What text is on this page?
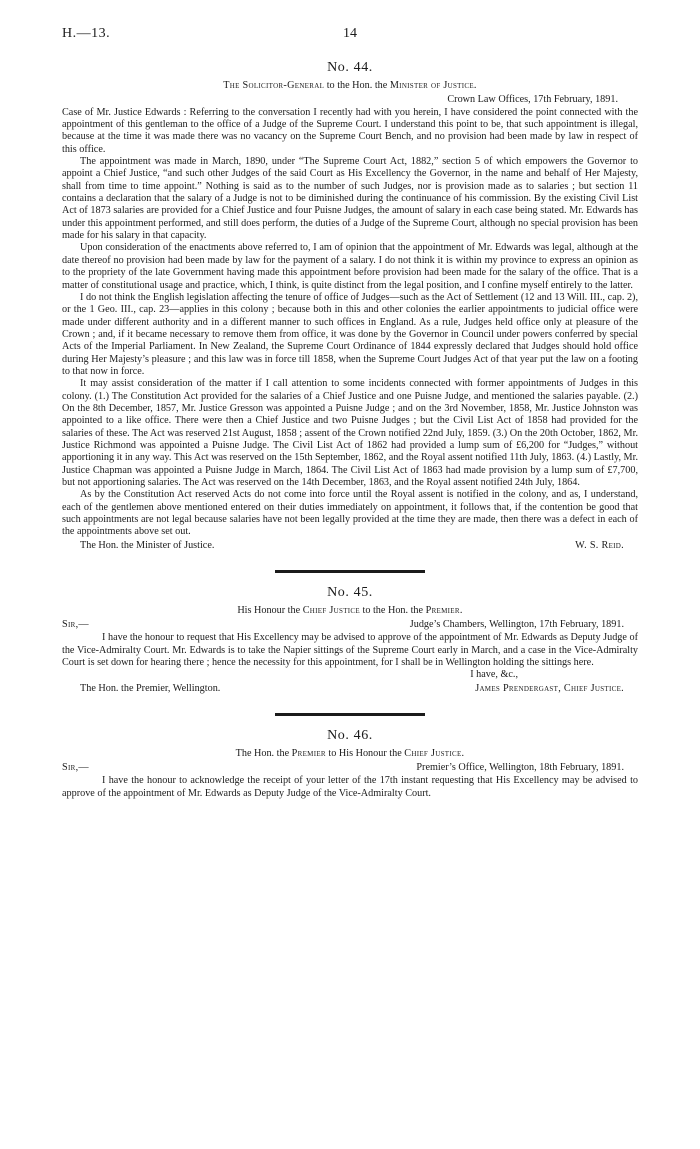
H.—13.	14
No. 44.
The Solicitor-General to the Hon. the Minister of Justice.
Crown Law Offices, 17th February, 1891.

Case of Mr. Justice Edwards : Referring to the conversation I recently had with you herein, I have considered the point connected with the appointment of this gentleman to the office of a Judge of the Supreme Court. I understand this point to be, that such appointment is illegal, because at the time it was made there was no vacancy on the Supreme Court Bench, and no provision had been made by law in respect of this office.

The appointment was made in March, 1890, under “The Supreme Court Act, 1882,” section 5 of which empowers the Governor to appoint a Chief Justice, “and such other Judges of the said Court as His Excellency the Governor, in the name and behalf of Her Majesty, shall from time to time appoint.” Nothing is said as to the number of such Judges, nor is provision made as to salaries ; but section 11 contains a declaration that the salary of a Judge is not to be diminished during the continuance of his commission. By the existing Civil List Act of 1873 salaries are provided for a Chief Justice and four Puisne Judges, the amount of salary in each case being stated. Mr. Edwards has under this appointment performed, and still does perform, the duties of a Judge of the Supreme Court, although no special provision has been made for his salary in that capacity.

Upon consideration of the enactments above referred to, I am of opinion that the appointment of Mr. Edwards was legal, although at the date thereof no provision had been made by law for the payment of a salary. I do not think it is within my province to express an opinion as to the propriety of the late Government having made this appointment before provision had been made for the salary of the office. That is a matter of constitutional usage and practice, which, I think, is quite distinct from the legal position, and I confine myself entirely to the latter.

I do not think the English legislation affecting the tenure of office of Judges—such as the Act of Settlement (12 and 13 Will. III., cap. 2), or the 1 Geo. III., cap. 23—applies in this colony ; because both in this and other colonies the earlier appointments to judicial office were made under different authority and in a different manner to such offices in England. As a rule, Judges held office only at pleasure of the Crown ; and, if it became necessary to remove them from office, it was done by the Governor in Council under powers conferred by special Acts of the Imperial Parliament. In New Zealand, the Supreme Court Ordinance of 1844 expressly declared that Judges should hold office during Her Majesty’s pleasure ; and this law was in force till 1858, when the Supreme Court Judges Act of that year put the law on a footing to that now in force.

It may assist consideration of the matter if I call attention to some incidents connected with former appointments of Judges in this colony. (1.) The Constitution Act provided for the salaries of a Chief Justice and one Puisne Judge, and mentioned the salaries payable. (2.) On the 8th December, 1857, Mr. Justice Gresson was appointed a Puisne Judge ; and on the 3rd November, 1858, Mr. Justice Johnston was appointed to a like office. There were then a Chief Justice and two Puisne Judges ; but the Civil List Act of 1858 had provided for the salaries of these. The Act was reserved 21st August, 1858 ; assent of the Crown notified 22nd July, 1859. (3.) On the 20th October, 1862, Mr. Justice Richmond was appointed a Puisne Judge. The Civil List Act of 1862 had provided a lump sum of £6,200 for “Judges,” without apportioning it in any way. This Act was reserved on the 15th September, 1862, and the Royal assent notified 11th July, 1863. (4.) Lastly, Mr. Justice Chapman was appointed a Puisne Judge in March, 1864. The Civil List Act of 1863 had made provision by a lump sum of £7,700, but not apportioning salaries. The Act was reserved on the 14th December, 1863, and the Royal assent notified 24th July, 1864.

As by the Constitution Act reserved Acts do not come into force until the Royal assent is notified in the colony, and as, I understand, each of the gentlemen above mentioned entered on their duties immediately on appointment, it follows that, if the contention be good that such appointments are not legal because salaries have not been legally provided at the time they are made, then there was a defect in each of the appointments above set out.

The Hon. the Minister of Justice.	W. S. Reid.
No. 45.
His Honour the Chief Justice to the Hon. the Premier.
Sir,—	Judge’s Chambers, Wellington, 17th February, 1891.

I have the honour to request that His Excellency may be advised to approve of the appointment of Mr. Edwards as Deputy Judge of the Vice-Admiralty Court. Mr. Edwards is to take the Napier sittings of the Supreme Court early in March, and a case in the Vice-Admiralty Court is set down for hearing there ; hence the necessity for this appointment, for I shall be in Wellington holding the sittings here.

I have, &c.,
The Hon. the Premier, Wellington.	James Prendergast, Chief Justice.
No. 46.
The Hon. the Premier to His Honour the Chief Justice.
Sir,—	Premier’s Office, Wellington, 18th February, 1891.

I have the honour to acknowledge the receipt of your letter of the 17th instant requesting that His Excellency may be advised to approve of the appointment of Mr. Edwards as Deputy Judge of the Vice-Admiralty Court.
